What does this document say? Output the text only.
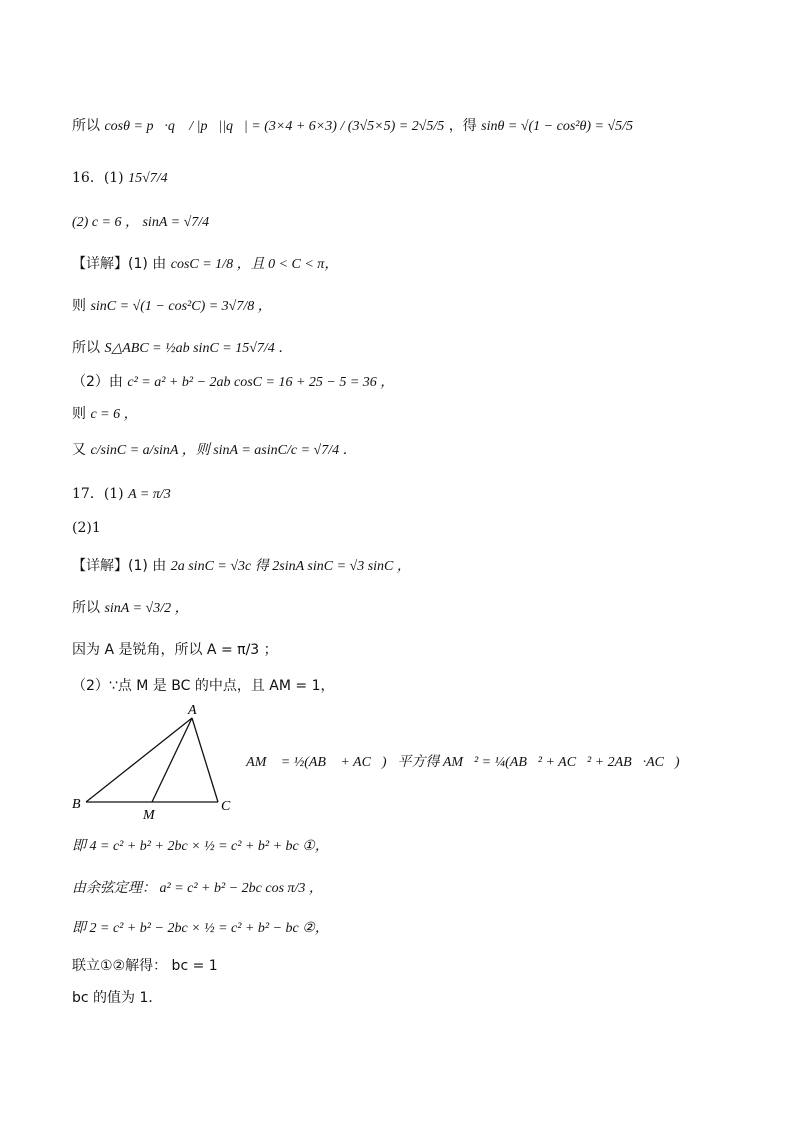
所以 cosθ = p⃗·q⃗ / |p⃗||q⃗| = (3×4 + 6×3) / (3√5×5) = 2√5/5 ，得 sinθ = √(1 − cos²θ) = √5/5
16．(1) 15√7/4
(2) c = 6 ， sinA = √7/4
【详解】(1) 由 cosC = 1/8 ，且 0 < C < π，
则 sinC = √(1 − cos²C) = 3√7/8 ，
所以 S△ABC = ½ab sinC = 15√7/4 ．
（2）由 c² = a² + b² − 2ab cosC = 16 + 25 − 5 = 36 ，
则 c = 6 ，
又 c/sinC = a/sinA ，则 sinA = asinC/c = √7/4 ．
17．(1) A = π/3
(2)1
【详解】(1) 由 2a sinC = √3c 得 2sinA sinC = √3 sinC ，
所以 sinA = √3/2 ，
因为 A 是锐角，所以 A = π/3 ；
（2）∵点 M 是 BC 的中点，且 AM = 1，
A
B
M
C
∴ AM⃗ = ½(AB⃗ + AC⃗)，平方得 AM⃗² = ¼(AB⃗² + AC⃗² + 2AB⃗·AC⃗)，
即 4 = c² + b² + 2bc × ½ = c² + b² + bc ①，
由余弦定理： a² = c² + b² − 2bc cos π/3 ，
即 2 = c² + b² − 2bc × ½ = c² + b² − bc ②，
联立①②解得： bc = 1
bc 的值为 1．
